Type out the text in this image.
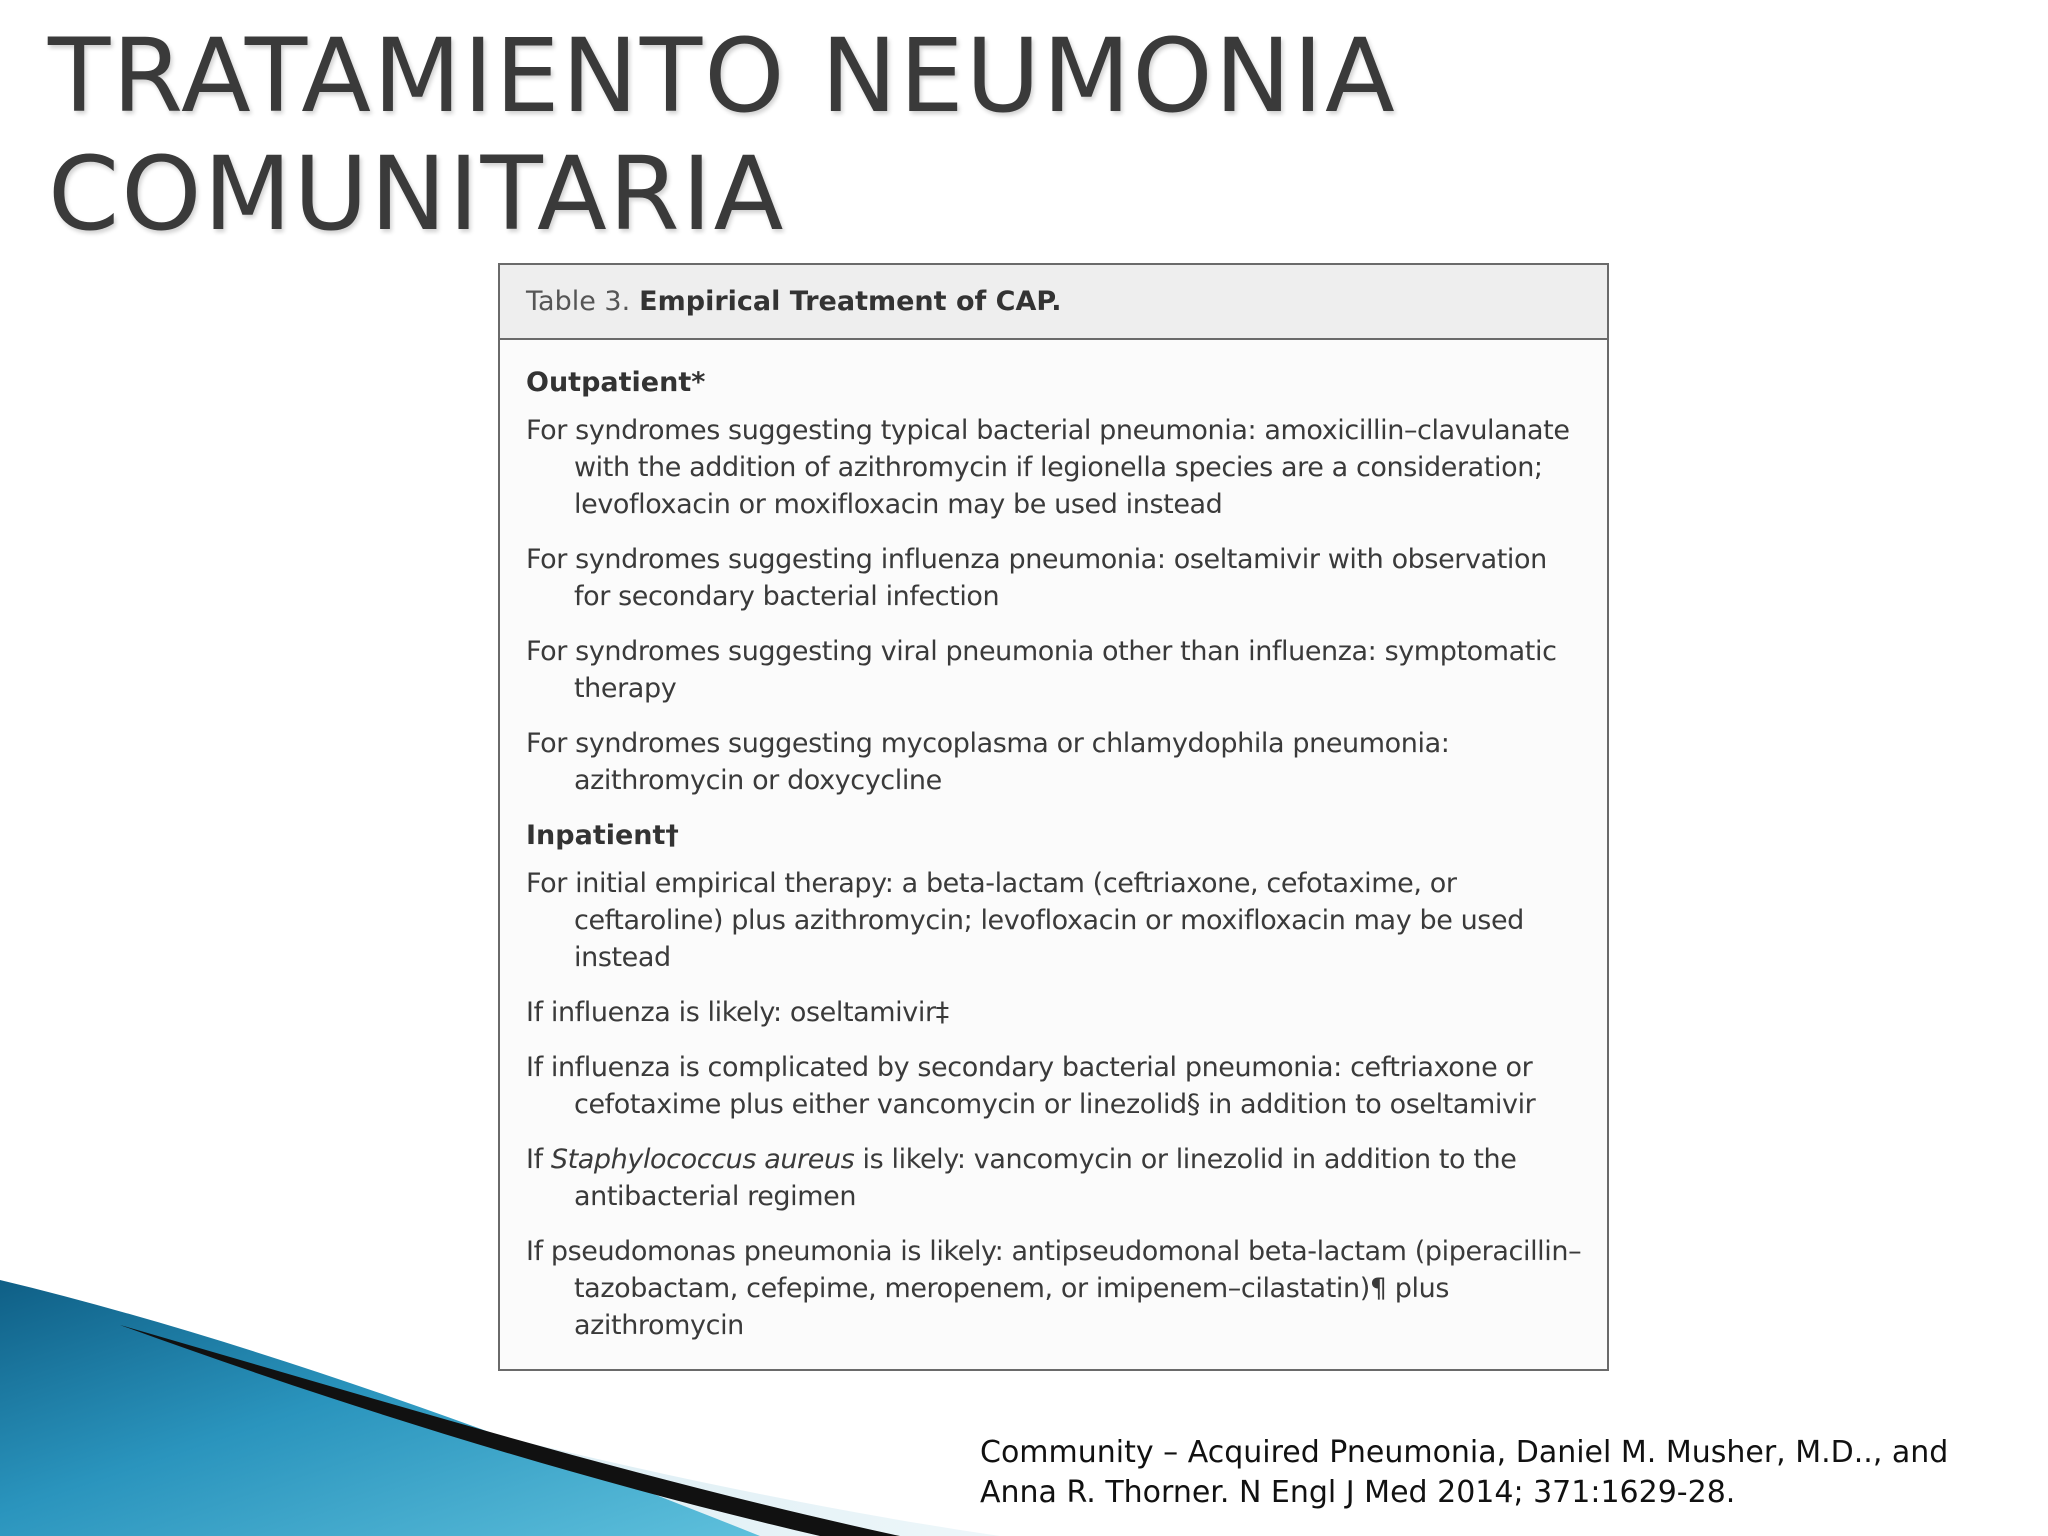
TRATAMIENTO NEUMONIA
COMUNITARIA
Table 3. Empirical Treatment of CAP.
Outpatient*
For syndromes suggesting typical bacterial pneumonia: amoxicillin–clavulanate with the addition of azithromycin if legionella species are a consideration; levofloxacin or moxifloxacin may be used instead
For syndromes suggesting influenza pneumonia: oseltamivir with observation for secondary bacterial infection
For syndromes suggesting viral pneumonia other than influenza: symptomatic therapy
For syndromes suggesting mycoplasma or chlamydophila pneumonia: azithromycin or doxycycline
Inpatient†
For initial empirical therapy: a beta-lactam (ceftriaxone, cefotaxime, or ceftaroline) plus azithromycin; levofloxacin or moxifloxacin may be used instead
If influenza is likely: oseltamivir‡
If influenza is complicated by secondary bacterial pneumonia: ceftriaxone or cefotaxime plus either vancomycin or linezolid§ in addition to oseltamivir
If Staphylococcus aureus is likely: vancomycin or linezolid in addition to the antibacterial regimen
If pseudomonas pneumonia is likely: antipseudomonal beta-lactam (piperacillin–tazobactam, cefepime, meropenem, or imipenem–cilastatin)¶ plus azithromycin
Community – Acquired Pneumonia, Daniel M. Musher, M.D.., and
Anna R. Thorner. N Engl J Med 2014; 371:1629-28.
